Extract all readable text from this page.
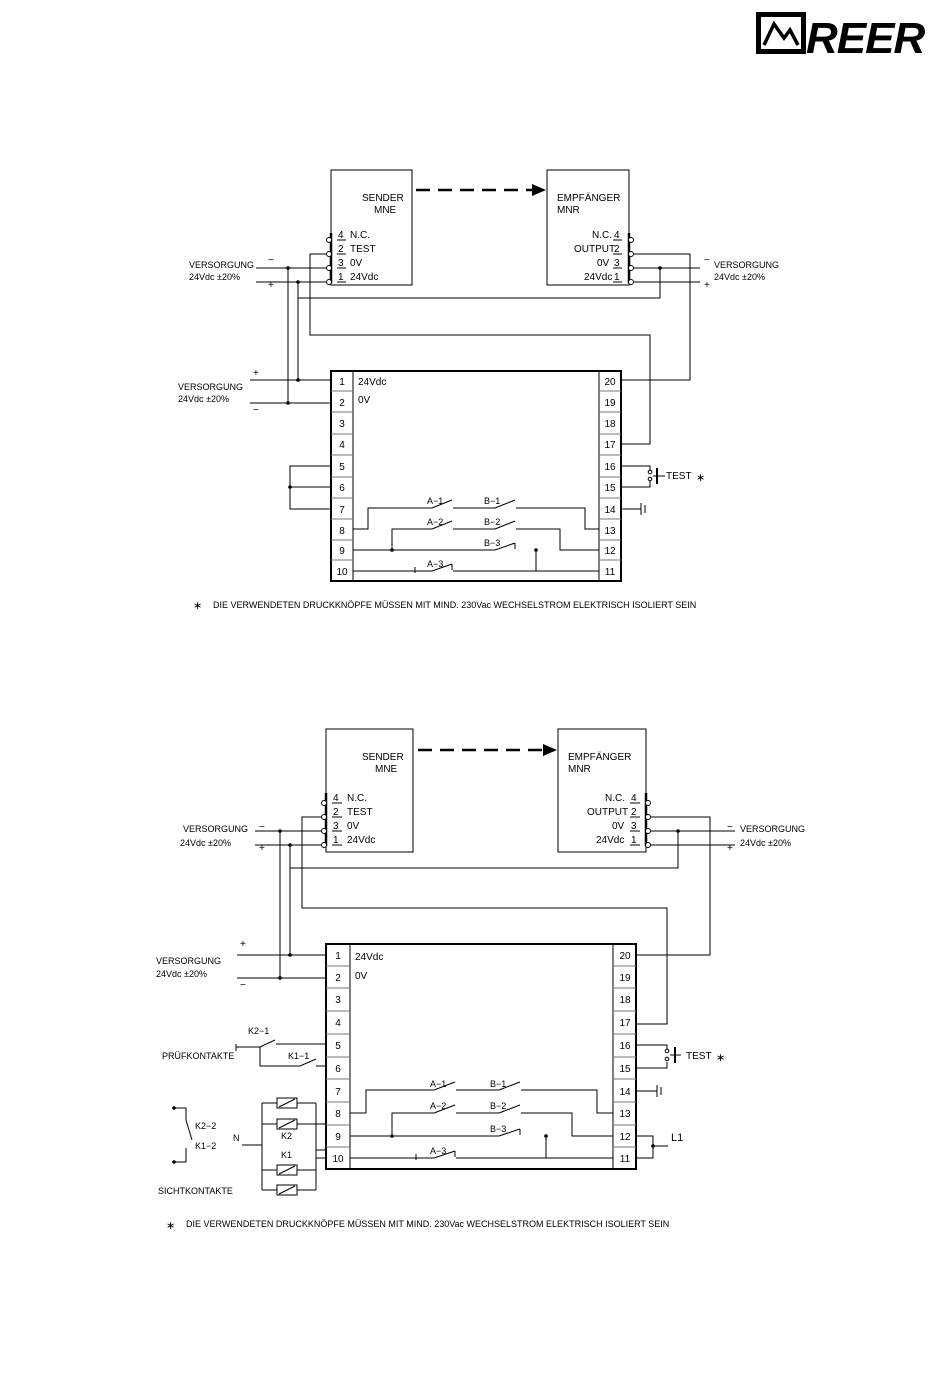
REER
SENDER
MNE
4 N.C.
2 TEST
3 0V
1 24Vdc
EMPFÄNGER
MNR
N.C. 4
OUTPUT
2
0V 3
24Vdc 1
VERSORGUNG
24Vdc ±20%
−
+
−
+
VERSORGUNG
24Vdc ±20%
1
2
3
4
5
6
7
8
9
10
20
19
18
17
16
15
14
13
12
11
24Vdc
0V
+
−
VERSORGUNG
24Vdc ±20%
A−1	B−1
A−2	B−2
B−3
A−3
TEST ∗
∗ DIE VERWENDETEN DRUCKKNÖPFE MÜSSEN MIT MIND. 230Vac WECHSELSTROM ELEKTRISCH ISOLIERT SEIN
SENDER
MNE
4 N.C.
2 TEST
3 0V
1 24Vdc
EMPFÄNGER
MNR
N.C. 4
OUTPUT 2
0V 3
24Vdc 1
VERSORGUNG
24Vdc ±20%
−
+
−
+
VERSORGUNG
24Vdc ±20%
1
2
3
4
5
6
7
8
9
10
20
19
18
17
16
15
14
13
12
11
24Vdc
0V
+
−
VERSORGUNG
24Vdc ±20%
K2−1
K1−1
PRÜFKONTAKTE
K2−2
K1−2
SICHTKONTAKTE
N	K2
K1
A−1	B−1
A−2	B−2
B−3
A−3
TEST ∗
L1
∗ DIE VERWENDETEN DRUCKKNÖPFE MÜSSEN MIT MIND. 230Vac WECHSELSTROM ELEKTRISCH ISOLIERT SEIN
